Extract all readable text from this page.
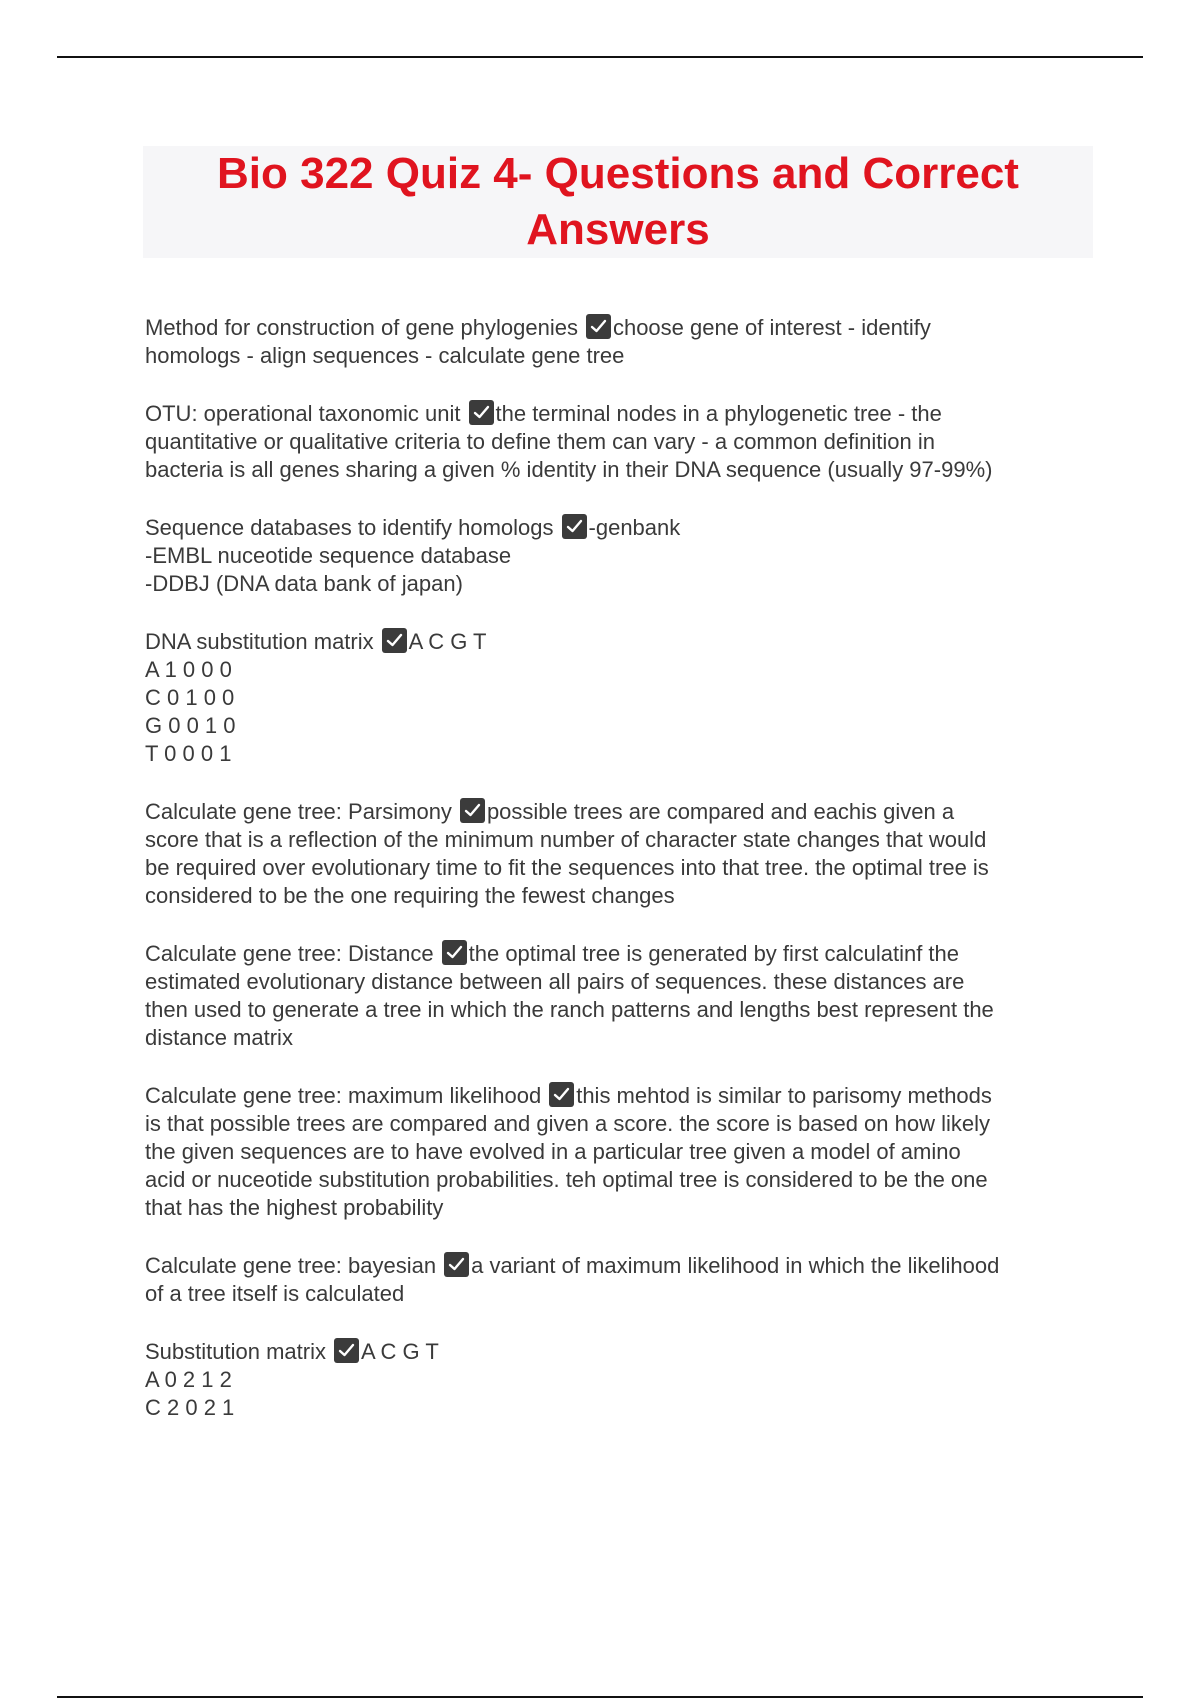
Bio 322 Quiz 4- Questions and Correct
Answers

Method for construction of gene phylogenies choose gene of interest - identify
homologs - align sequences - calculate gene tree

OTU: operational taxonomic unit the terminal nodes in a phylogenetic tree - the
quantitative or qualitative criteria to define them can vary - a common definition in
bacteria is all genes sharing a given % identity in their DNA sequence (usually 97-99%)

Sequence databases to identify homologs -genbank
-EMBL nuceotide sequence database
-DDBJ (DNA data bank of japan)

DNA substitution matrix A C G T
A 1 0 0 0
C 0 1 0 0
G 0 0 1 0
T 0 0 0 1

Calculate gene tree: Parsimony possible trees are compared and eachis given a
score that is a reflection of the minimum number of character state changes that would
be required over evolutionary time to fit the sequences into that tree. the optimal tree is
considered to be the one requiring the fewest changes

Calculate gene tree: Distance the optimal tree is generated by first calculatinf the
estimated evolutionary distance between all pairs of sequences. these distances are
then used to generate a tree in which the ranch patterns and lengths best represent the
distance matrix

Calculate gene tree: maximum likelihood this mehtod is similar to parisomy methods
is that possible trees are compared and given a score. the score is based on how likely
the given sequences are to have evolved in a particular tree given a model of amino
acid or nuceotide substitution probabilities. teh optimal tree is considered to be the one
that has the highest probability

Calculate gene tree: bayesian a variant of maximum likelihood in which the likelihood
of a tree itself is calculated

Substitution matrix A C G T
A 0 2 1 2
C 2 0 2 1
